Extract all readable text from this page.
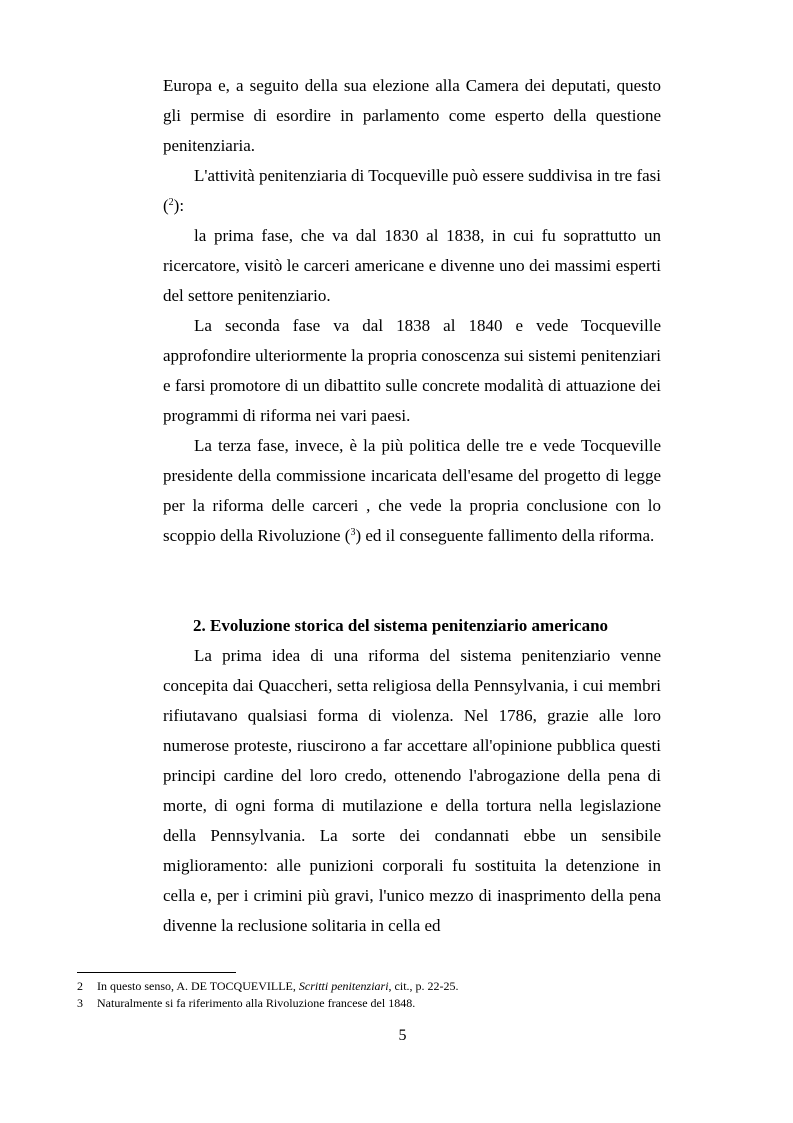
Europa e, a seguito della sua elezione alla Camera dei deputati, questo gli permise di esordire in parlamento come esperto della questione penitenziaria.

L'attività penitenziaria di Tocqueville può essere suddivisa in tre fasi ($^2$):

la prima fase, che va dal 1830 al 1838, in cui fu soprattutto un ricercatore, visitò le carceri americane e divenne uno dei massimi esperti del settore penitenziario.

La seconda fase va dal 1838 al 1840 e vede Tocqueville approfondire ulteriormente la propria conoscenza sui sistemi penitenziari e farsi promotore di un dibattito sulle concrete modalità di attuazione dei programmi di riforma nei vari paesi.

La terza fase, invece, è la più politica delle tre e vede Tocqueville presidente della commissione incaricata dell'esame del progetto di legge per la riforma delle carceri , che vede la propria conclusione con lo scoppio della Rivoluzione ($^3$) ed il conseguente fallimento della riforma.

2. Evoluzione storica del sistema penitenziario americano

La prima idea di una riforma del sistema penitenziario venne concepita dai Quaccheri, setta religiosa della Pennsylvania, i cui membri rifiutavano qualsiasi forma di violenza. Nel 1786, grazie alle loro numerose proteste, riuscirono a far accettare all'opinione pubblica questi principi cardine del loro credo, ottenendo l'abrogazione della pena di morte, di ogni forma di mutilazione e della tortura nella legislazione della Pennsylvania. La sorte dei condannati ebbe un sensibile miglioramento: alle punizioni corporali fu sostituita la detenzione in cella e, per i crimini più gravi, l'unico mezzo di inasprimento della pena divenne la reclusione solitaria in cella ed

2 In questo senso, A. DE TOCQUEVILLE, Scritti penitenziari, cit., p. 22-25.

3 Naturalmente si fa riferimento alla Rivoluzione francese del 1848.

5
